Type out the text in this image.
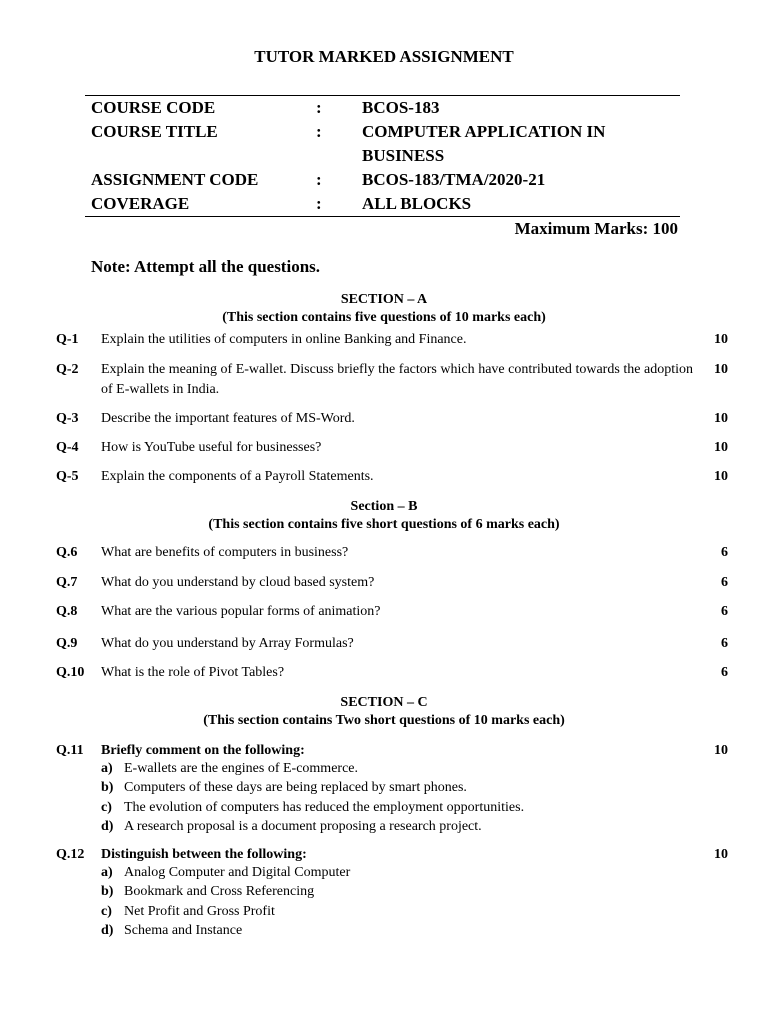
TUTOR MARKED ASSIGNMENT
COURSE CODE	: BCOS-183
COURSE TITLE	: COMPUTER APPLICATION IN BUSINESS
ASSIGNMENT CODE	: BCOS-183/TMA/2020-21
COVERAGE	: ALL BLOCKS
Maximum Marks: 100
Note: Attempt all the questions.
SECTION – A
(This section contains five questions of 10 marks each)
Q-1 Explain the utilities of computers in online Banking and Finance.	10
Q-2 Explain the meaning of E-wallet. Discuss briefly the factors which have contributed towards the adoption of E-wallets in India.
10
Q-3 Describe the important features of MS-Word.	10
Q-4 How is YouTube useful for businesses?	10
Q-5 Explain the components of a Payroll Statements.	10
Section – B
(This section contains five short questions of 6 marks each)
Q.6 What are benefits of computers in business?	6
Q.7 What do you understand by cloud based system?	6
Q.8 What are the various popular forms of animation?	6
Q.9 What do you understand by Array Formulas?	6
Q.10 What is the role of Pivot Tables?	6
SECTION – C
(This section contains Two short questions of 10 marks each)
Q.11 Briefly comment on the following:	10
a) E-wallets are the engines of E-commerce.
b) Computers of these days are being replaced by smart phones.
c) The evolution of computers has reduced the employment opportunities.
d) A research proposal is a document proposing a research project.
Q.12 Distinguish between the following:	10
a) Analog Computer and Digital Computer
b) Bookmark and Cross Referencing
c) Net Profit and Gross Profit
d) Schema and Instance
